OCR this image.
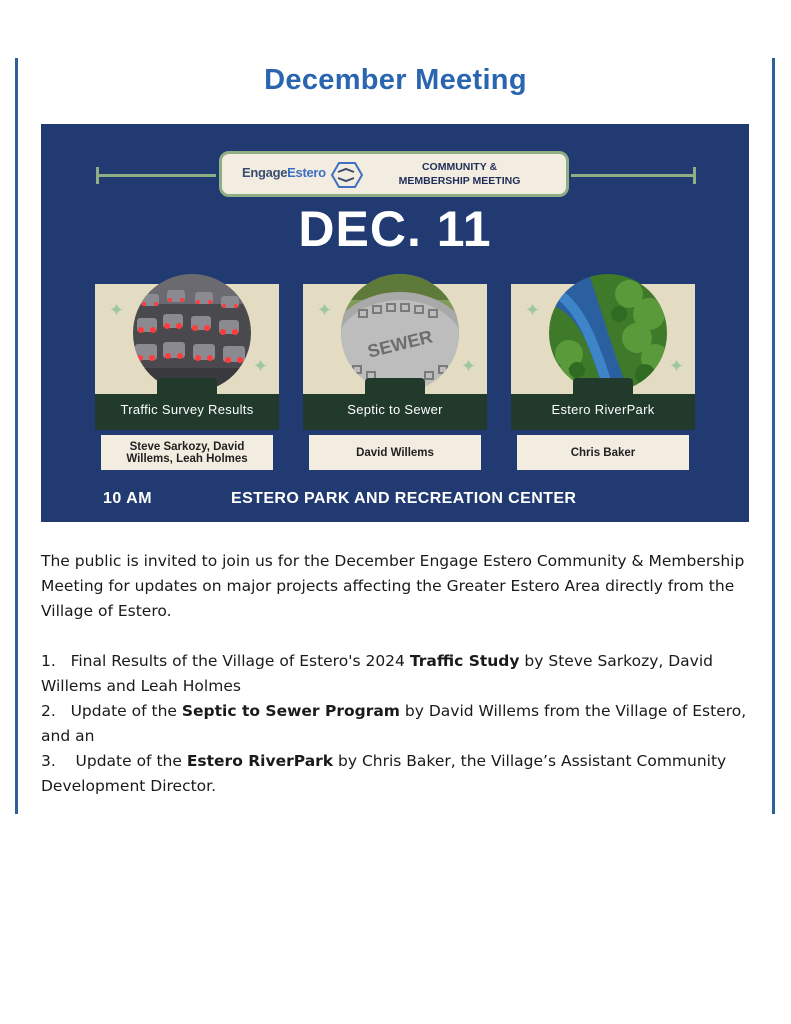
December Meeting
EngageEstero	COMMUNITY &
MEMBERSHIP MEETING
DEC. 11
✦
✦
Traffic Survey Results
Steve Sarkozy, David
Willems, Leah Holmes
SEWER
✦
✦
Septic to Sewer
David Willems
✦
✦
Estero RiverPark
Chris Baker
10 AM	ESTERO PARK AND RECREATION CENTER

The public is invited to join us for the December Engage Estero Community & Membership Meeting for updates on major projects affecting the Greater Estero Area directly from the Village of Estero.

1. Final Results of the Village of Estero's 2024 Traffic Study by Steve Sarkozy, David Willems and Leah Holmes

2. Update of the Septic to Sewer Program by David Willems from the Village of Estero, and an

3. Update of the Estero RiverPark by Chris Baker, the Village’s Assistant Community Development Director.
